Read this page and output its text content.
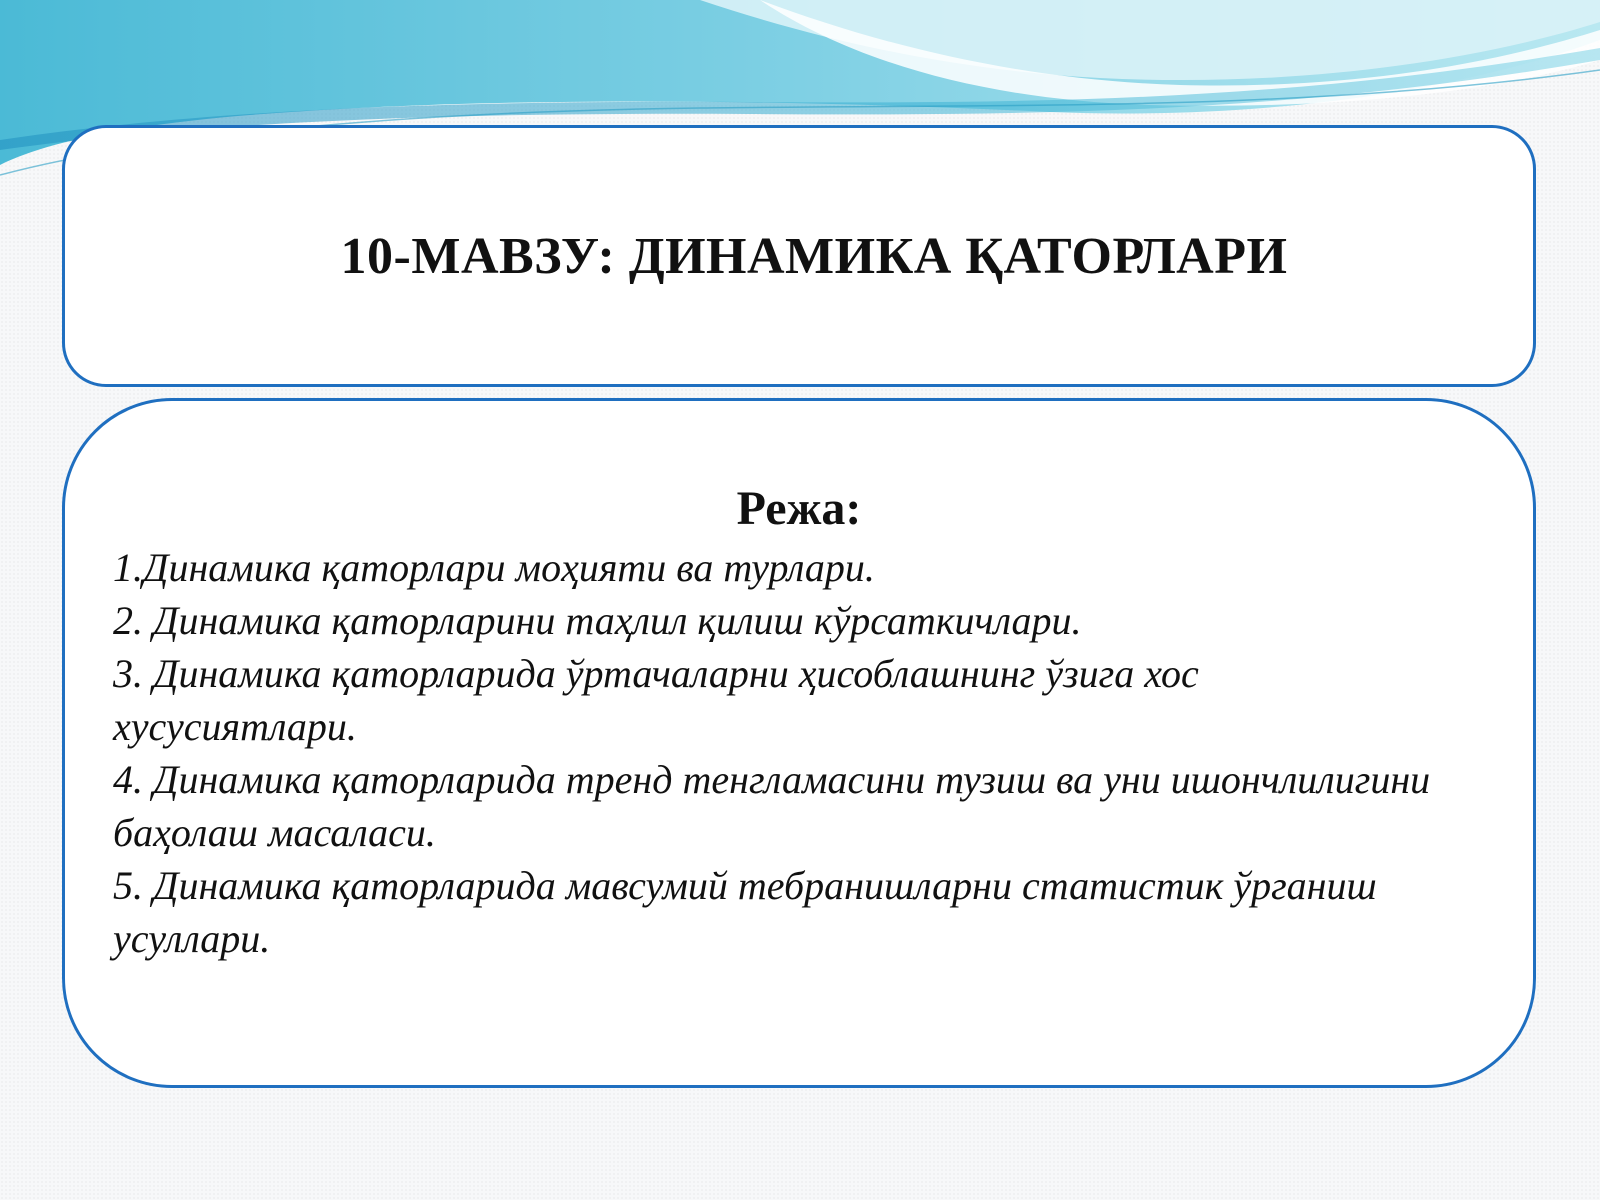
10-МАВЗУ: ДИНАМИКА ҚАТОРЛАРИ
Режа:
1.Динамика қаторлари моҳияти ва турлари.
2. Динамика қаторларини таҳлил қилиш кўрсаткичлари.
3. Динамика қаторларида ўртачаларни ҳисоблашнинг ўзига хос хусусиятлари.
4. Динамика қаторларида тренд тенгламасини тузиш ва уни ишончлилигини баҳолаш масаласи.
5. Динамика қаторларида мавсумий тебранишларни статистик ўрганиш усуллари.
